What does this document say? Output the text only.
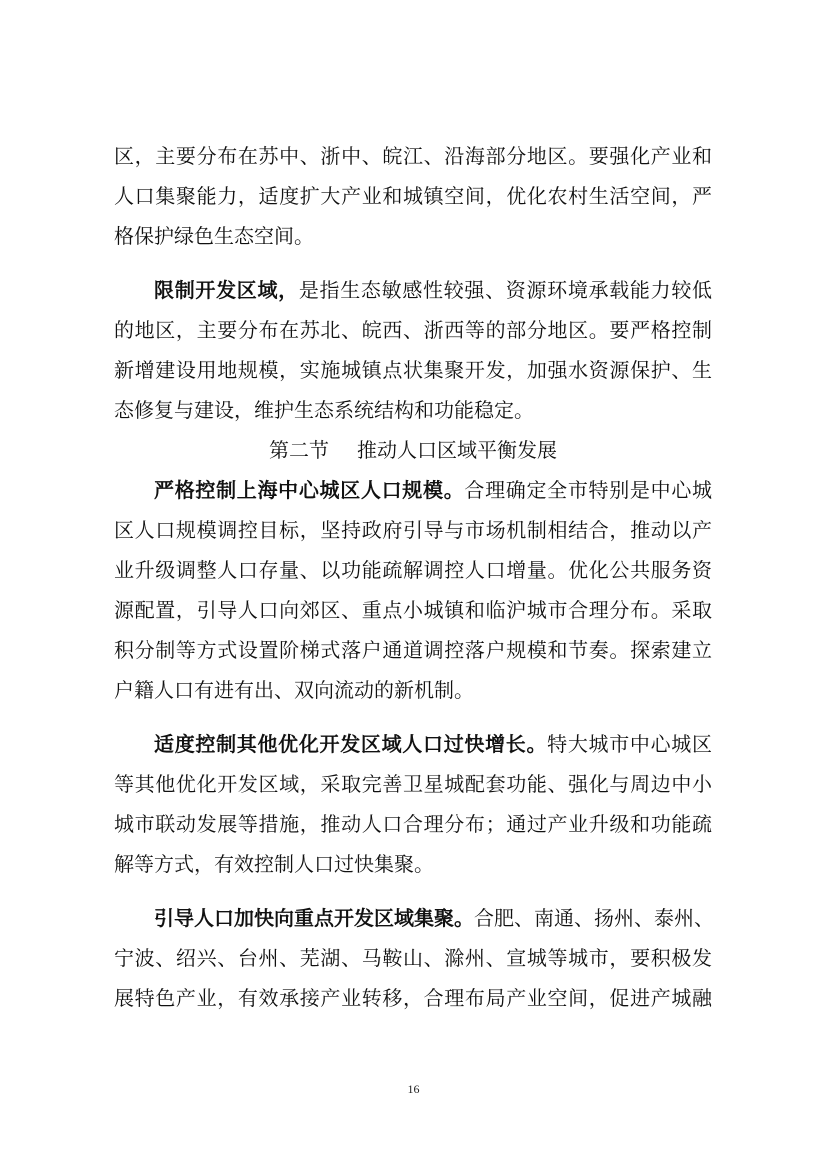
区，主要分布在苏中、浙中、皖江、沿海部分地区。要强化产业和
人口集聚能力，适度扩大产业和城镇空间，优化农村生活空间，严
格保护绿色生态空间。
限制开发区域，是指生态敏感性较强、资源环境承载能力较低
的地区，主要分布在苏北、皖西、浙西等的部分地区。要严格控制
新增建设用地规模，实施城镇点状集聚开发，加强水资源保护、生
态修复与建设，维护生态系统结构和功能稳定。
第二节 推动人口区域平衡发展
严格控制上海中心城区人口规模。合理确定全市特别是中心城
区人口规模调控目标，坚持政府引导与市场机制相结合，推动以产
业升级调整人口存量、以功能疏解调控人口增量。优化公共服务资
源配置，引导人口向郊区、重点小城镇和临沪城市合理分布。采取
积分制等方式设置阶梯式落户通道调控落户规模和节奏。探索建立
户籍人口有进有出、双向流动的新机制。
适度控制其他优化开发区域人口过快增长。特大城市中心城区
等其他优化开发区域，采取完善卫星城配套功能、强化与周边中小
城市联动发展等措施，推动人口合理分布；通过产业升级和功能疏
解等方式，有效控制人口过快集聚。
引导人口加快向重点开发区域集聚。合肥、南通、扬州、泰州、
宁波、绍兴、台州、芜湖、马鞍山、滁州、宣城等城市，要积极发
展特色产业，有效承接产业转移，合理布局产业空间，促进产城融
16
